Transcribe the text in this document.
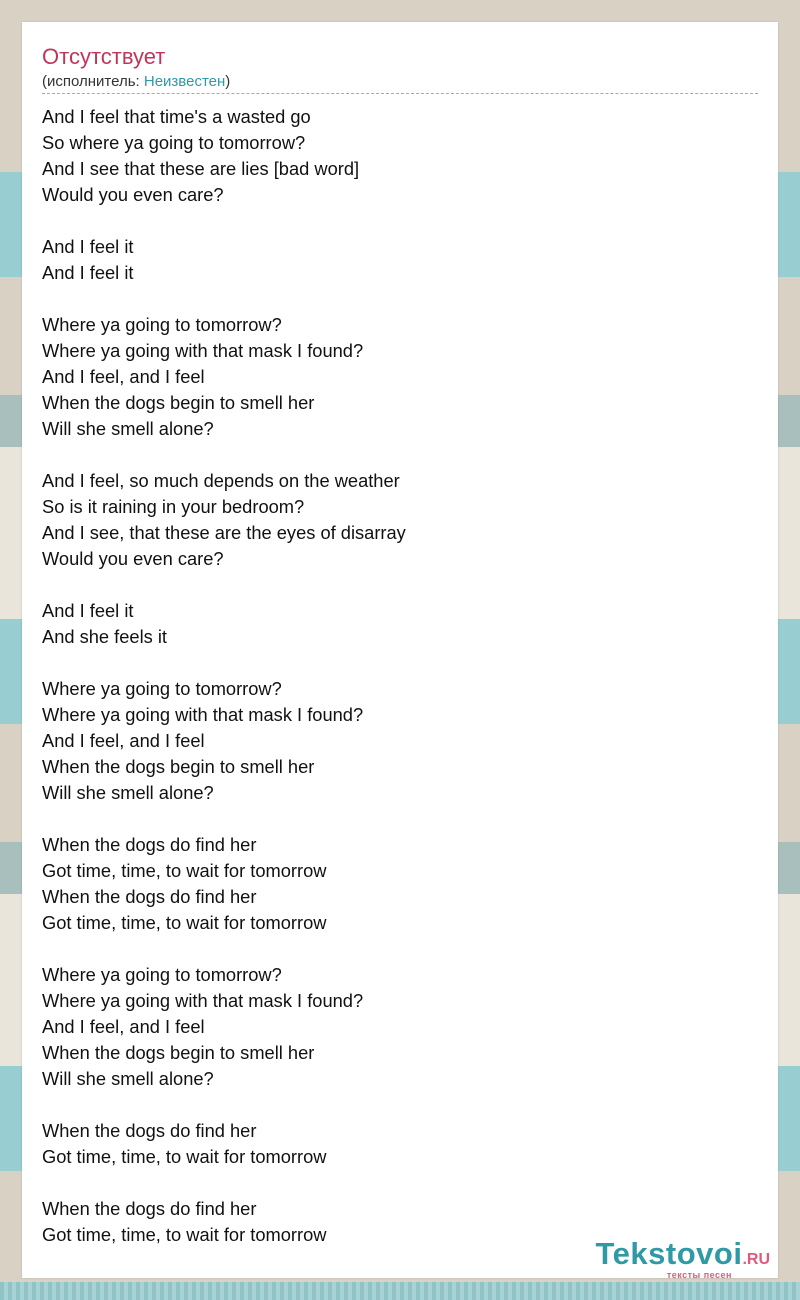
Отсутствует
(исполнитель: Неизвестен)
And I feel that time's a wasted go
So where ya going to tomorrow?
And I see that these are lies [bad word]
Would you even care?
And I feel it
And I feel it
Where ya going to tomorrow?
Where ya going with that mask I found?
And I feel, and I feel
When the dogs begin to smell her
Will she smell alone?
And I feel, so much depends on the weather
So is it raining in your bedroom?
And I see, that these are the eyes of disarray
Would you even care?
And I feel it
And she feels it
Where ya going to tomorrow?
Where ya going with that mask I found?
And I feel, and I feel
When the dogs begin to smell her
Will she smell alone?
When the dogs do find her
Got time, time, to wait for tomorrow
When the dogs do find her
Got time, time, to wait for tomorrow
Where ya going to tomorrow?
Where ya going with that mask I found?
And I feel, and I feel
When the dogs begin to smell her
Will she smell alone?
When the dogs do find her
Got time, time, to wait for tomorrow
When the dogs do find her
Got time, time, to wait for tomorrow
Tekstovoi.RU
тексты песен
